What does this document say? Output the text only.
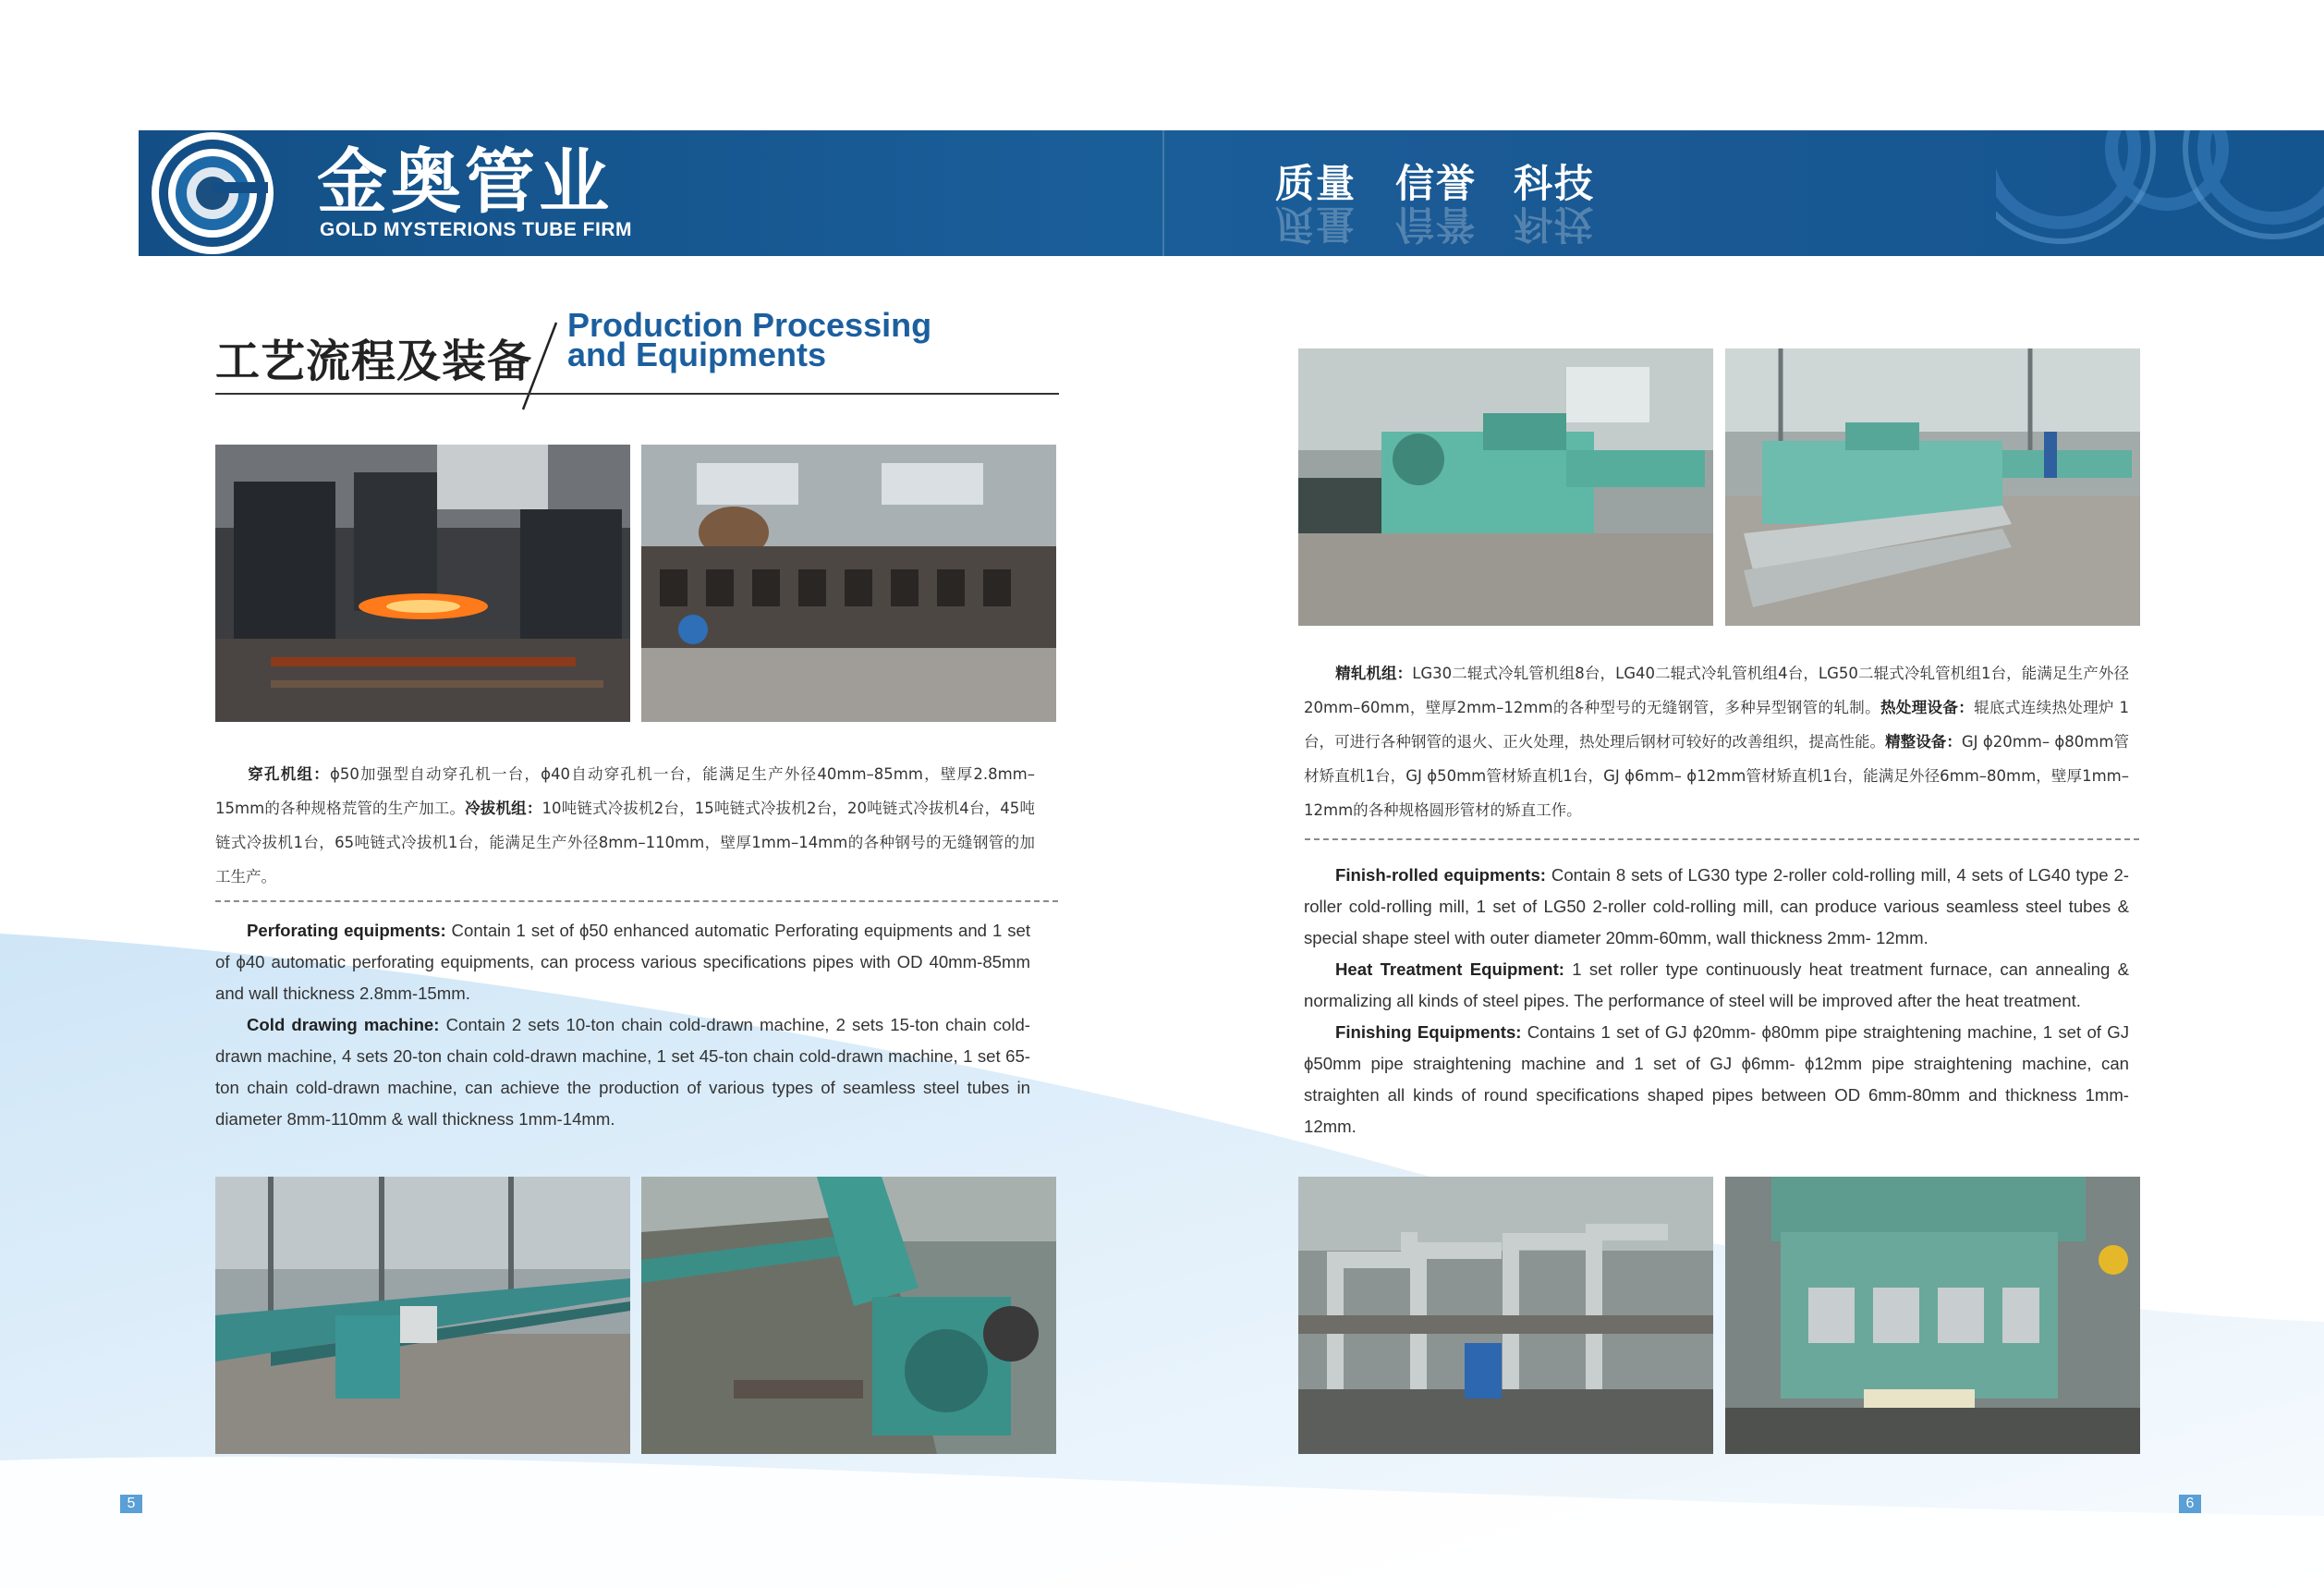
金奥管业
GOLD MYSTERIONS TUBE FIRM
质量 信誉 科技
质量 信誉 科技
工艺流程及装备
Production Processing
and Equipments
穿孔机组：ϕ50加强型自动穿孔机一台，ϕ40自动穿孔机一台，能满足生产外径40mm–85mm，壁厚2.8mm–15mm的各种规格荒管的生产加工。冷拔机组：10吨链式冷拔机2台，15吨链式冷拔机2台，20吨链式冷拔机4台，45吨链式冷拔机1台，65吨链式冷拔机1台，能满足生产外径8mm–110mm，壁厚1mm–14mm的各种钢号的无缝钢管的加工生产。
Perforating equipments: Contain 1 set of ϕ50 enhanced automatic Perforating equipments and 1 set of ϕ40 automatic perforating equipments, can process various specifications pipes with OD 40mm-85mm and wall thickness 2.8mm-15mm.
Cold drawing machine: Contain 2 sets 10-ton chain cold-drawn machine, 2 sets 15-ton chain cold-drawn machine, 4 sets 20-ton chain cold-drawn machine, 1 set 45-ton chain cold-drawn machine, 1 set 65-ton chain cold-drawn machine, can achieve the production of various types of seamless steel tubes in diameter 8mm-110mm & wall thickness 1mm-14mm.
精轧机组：LG30二辊式冷轧管机组8台，LG40二辊式冷轧管机组4台，LG50二辊式冷轧管机组1台，能满足生产外径20mm–60mm，壁厚2mm–12mm的各种型号的无缝钢管，多种异型钢管的轧制。热处理设备：辊底式连续热处理炉 1台，可进行各种钢管的退火、正火处理，热处理后钢材可较好的改善组织，提高性能。精整设备：GJ ϕ20mm– ϕ80mm管材矫直机1台，GJ ϕ50mm管材矫直机1台，GJ ϕ6mm– ϕ12mm管材矫直机1台，能满足外径6mm–80mm，壁厚1mm–12mm的各种规格圆形管材的矫直工作。
Finish-rolled equipments: Contain 8 sets of LG30 type 2-roller cold-rolling mill, 4 sets of LG40 type 2-roller cold-rolling mill, 1 set of LG50 2-roller cold-rolling mill, can produce various seamless steel tubes & special shape steel with outer diameter 20mm-60mm, wall thickness 2mm- 12mm.
Heat Treatment Equipment: 1 set roller type continuously heat treatment furnace, can annealing & normalizing all kinds of steel pipes. The performance of steel will be improved after the heat treatment.
Finishing Equipments: Contains 1 set of GJ ϕ20mm- ϕ80mm pipe straightening machine, 1 set of GJ ϕ50mm pipe straightening machine and 1 set of GJ ϕ6mm- ϕ12mm pipe straightening machine, can straighten all kinds of round specifications shaped pipes between OD 6mm-80mm and thickness 1mm-12mm.
5	6
